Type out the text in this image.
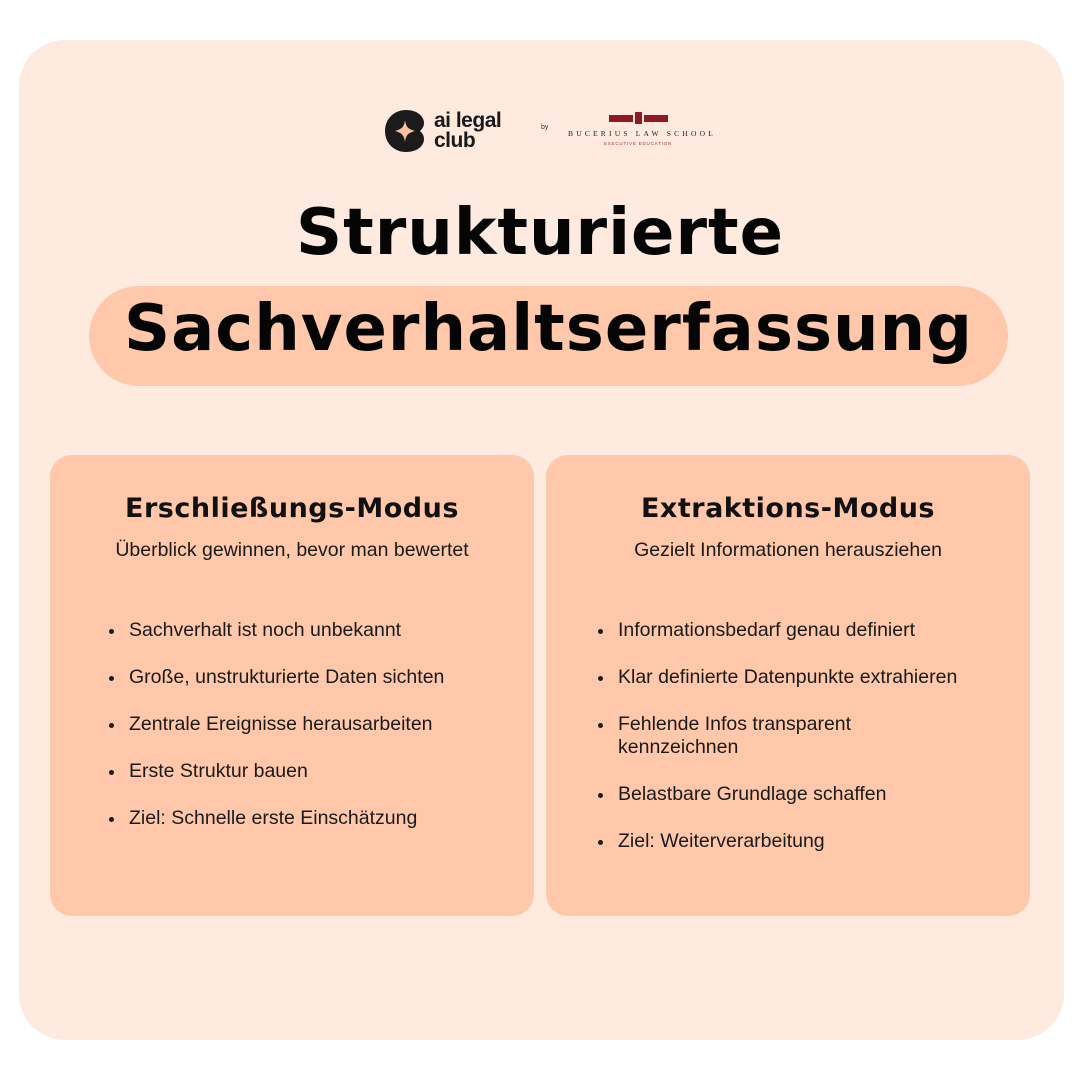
ai legal
club
by
BUCERIUS LAW SCHOOL
EXECUTIVE EDUCATION
Strukturierte
Sachverhaltserfassung
Erschließungs-Modus
Überblick gewinnen, bevor man bewertet
Sachverhalt ist noch unbekannt
Große, unstrukturierte Daten sichten
Zentrale Ereignisse herausarbeiten
Erste Struktur bauen
Ziel: Schnelle erste Einschätzung
Extraktions-Modus
Gezielt Informationen herausziehen
Informationsbedarf genau definiert
Klar definierte Datenpunkte extrahieren
Fehlende Infos transparent kennzeichnen
Belastbare Grundlage schaffen
Ziel: Weiterverarbeitung
